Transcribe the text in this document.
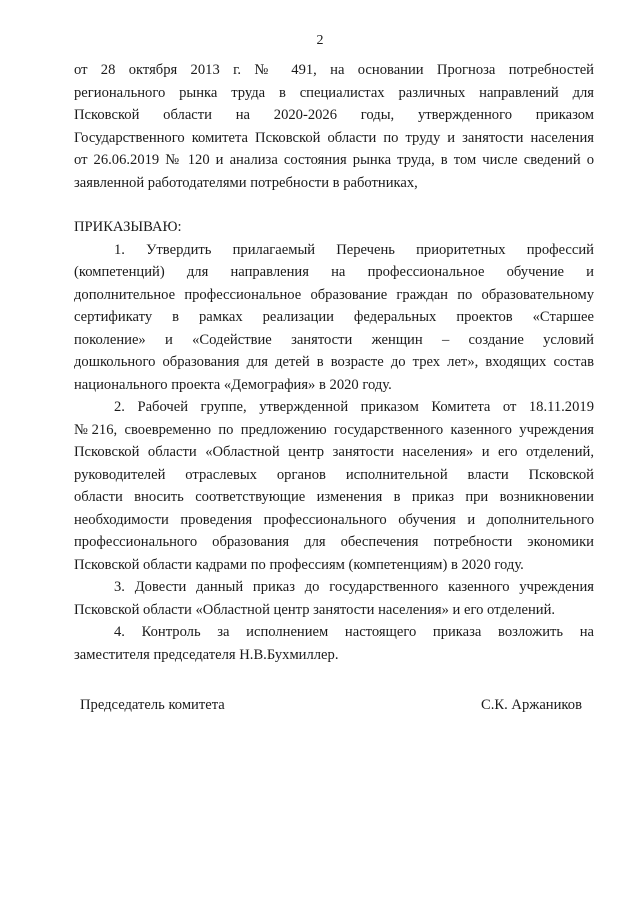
2
от 28 октября 2013 г. № 491, на основании Прогноза потребностей
регионального рынка труда в специалистах различных направлений для
Псковской области на 2020-2026 годы, утвержденного приказом
Государственного комитета Псковской области по труду и занятости населения
от 26.06.2019 № 120 и анализа состояния рынка труда, в том числе сведений о
заявленной работодателями потребности в работниках,
ПРИКАЗЫВАЮ:
1. Утвердить прилагаемый Перечень приоритетных профессий
(компетенций) для направления на профессиональное обучение и
дополнительное профессиональное образование граждан по образовательному
сертификату в рамках реализации федеральных проектов «Старшее
поколение» и «Содействие занятости женщин – создание условий
дошкольного образования для детей в возрасте до трех лет», входящих состав
национального проекта «Демография» в 2020 году.
2. Рабочей группе, утвержденной приказом Комитета от 18.11.2019
№216, своевременно по предложению государственного казенного учреждения
Псковской области «Областной центр занятости населения» и его отделений,
руководителей отраслевых органов исполнительной власти Псковской
области вносить соответствующие изменения в приказ при возникновении
необходимости проведения профессионального обучения и дополнительного
профессионального образования для обеспечения потребности экономики
Псковской области кадрами по профессиям (компетенциям) в 2020 году.
3. Довести данный приказ до государственного казенного учреждения
Псковской области «Областной центр занятости населения» и его отделений.
4. Контроль за исполнением настоящего приказа возложить на
заместителя председателя Н.В.Бухмиллер.
Председатель комитета	С.К. Аржаников
